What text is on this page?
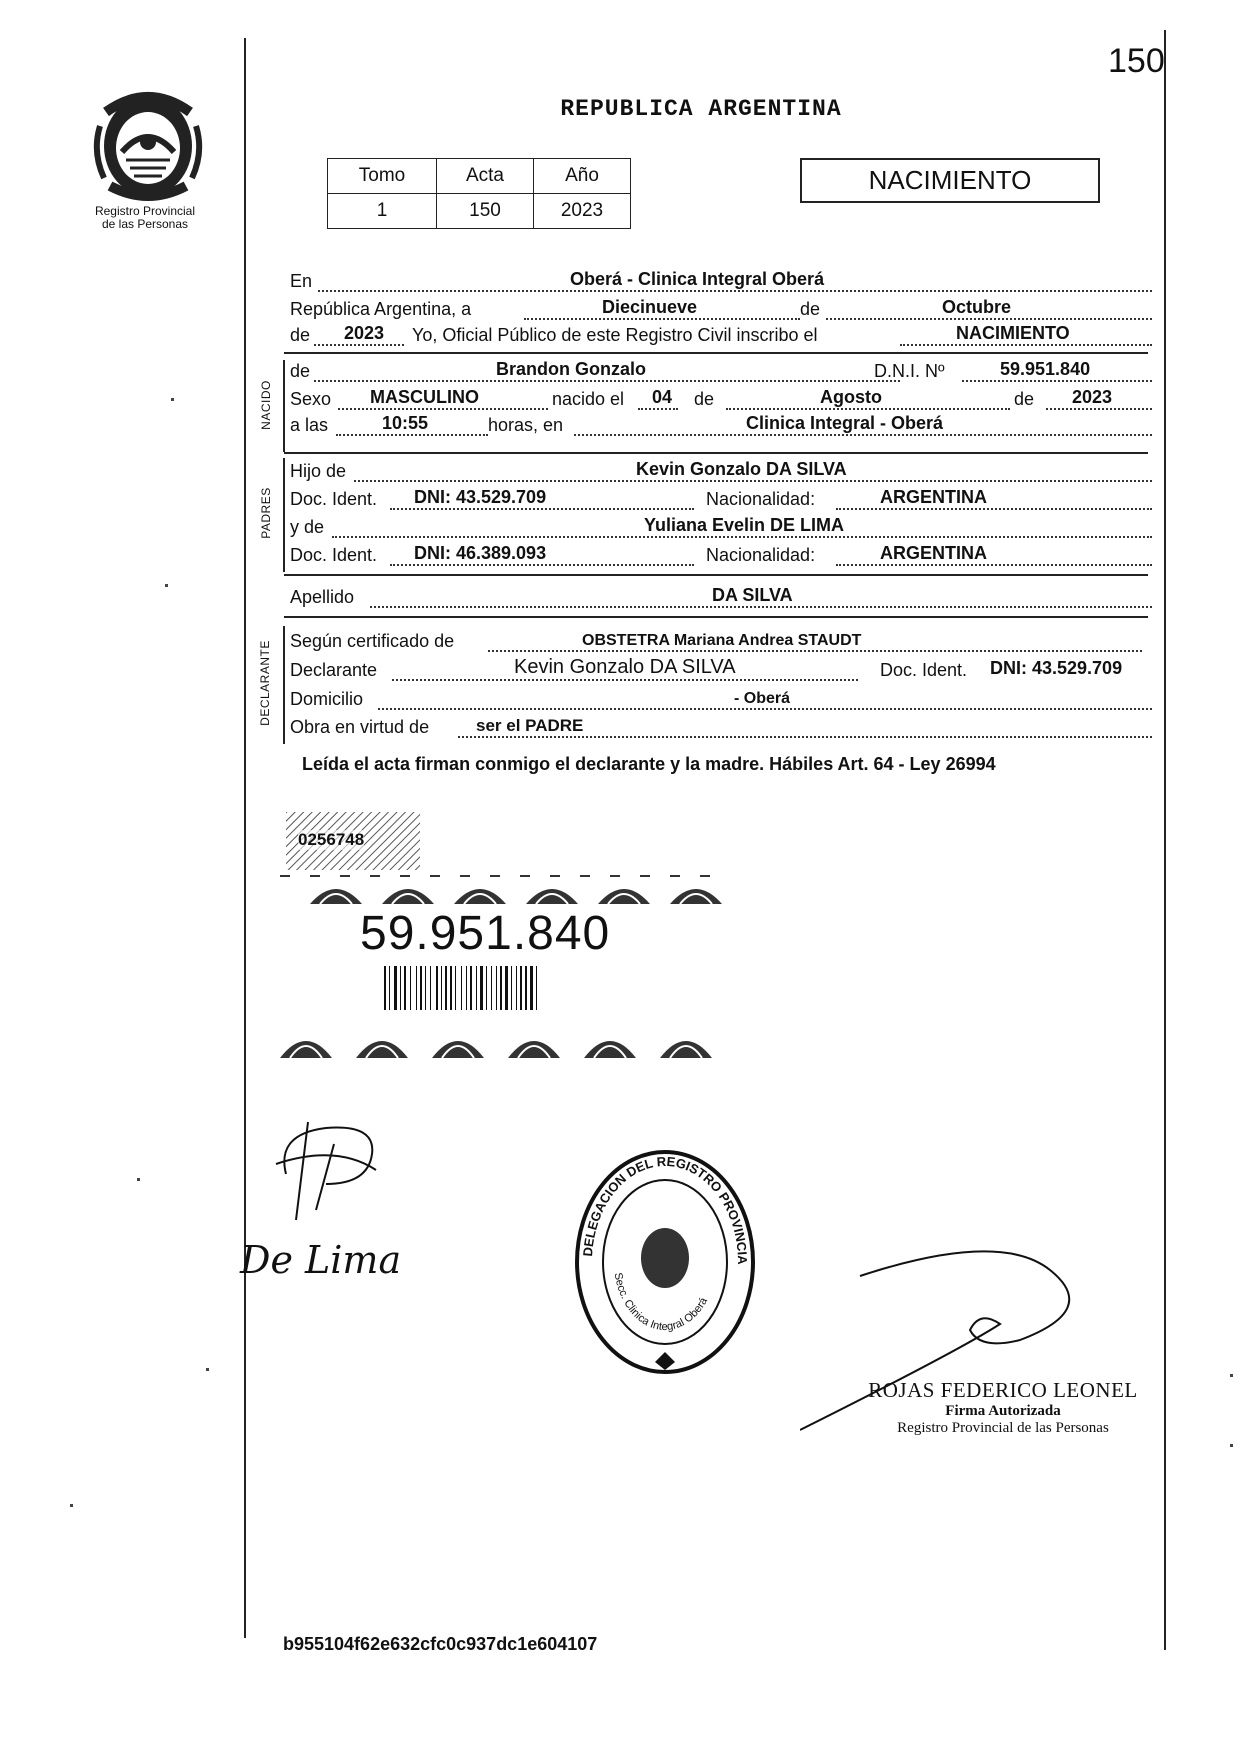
Registro Provincial
de las Personas
150
REPUBLICA ARGENTINA
Tomo	Acta	Año
1	150	2023
NACIMIENTO
En	Oberá - Clinica Integral Oberá
República Argentina, a	Diecinueve	de	Octubre
de 2023 Yo, Oficial Público de este Registro Civil inscribo el	NACIMIENTO
NACIDO
de	Brandon Gonzalo	D.N.I. Nº	59.951.840
Sexo MASCULINO	nacido el 04 de	Agosto	de 2023
a las	10:55	horas, en	Clinica Integral - Oberá
PADRES
Hijo de	Kevin Gonzalo DA SILVA
Doc. Ident. DNI: 43.529.709	Nacionalidad:	ARGENTINA
y de	Yuliana Evelin DE LIMA
Doc. Ident. DNI: 46.389.093	Nacionalidad:	ARGENTINA
Apellido	DA SILVA
DECLARANTE Según certificado de	OBSTETRA Mariana Andrea STAUDT
Declarante	Kevin Gonzalo DA SILVA	Doc. Ident. DNI: 43.529.709
Domicilio	- Oberá
Obra en virtud de	ser el PADRE
Leída el acta firman conmigo el declarante y la madre. Hábiles Art. 64 - Ley 26994
0256748
59.951.840
De Lima	DELEGACION DEL REGISTRO PROVINCIA
Secc. Clinica Integral Oberá
ROJAS FEDERICO LEONEL
Firma Autorizada
Registro Provincial de las Personas
b955104f62e632cfc0c937dc1e604107
